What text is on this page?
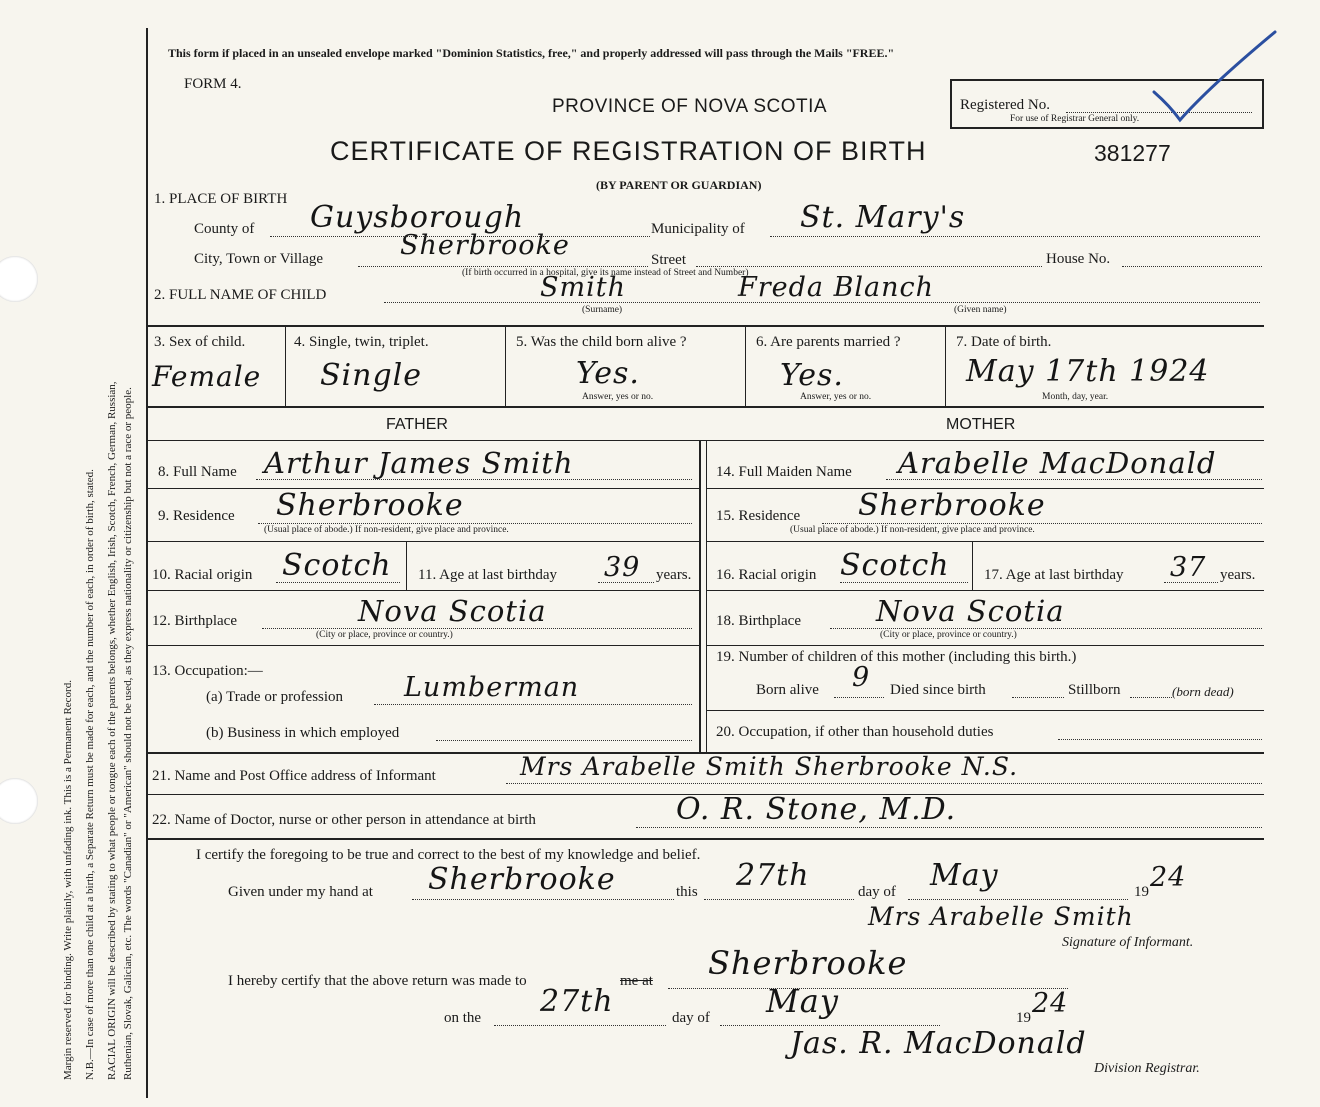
Margin reserved for binding. Write plainly, with unfading ink. This is a Permanent Record. N.B.—In case of more than one child at a birth, a Separate Return must be made for each, and the number of each, in order of birth, stated. RACIAL ORIGIN will be described by stating to what people or tongue each of the parents belongs, whether English, Irish, Scotch, French, German, Russian, Ruthenian, Slovak, Galician, etc. The words "Canadian" or "American" should not be used, as they express nationality or citizenship but not a race or people.
This form if placed in an unsealed envelope marked "Dominion Statistics, free," and properly addressed will pass through the Mails "FREE."
FORM 4.
PROVINCE OF NOVA SCOTIA
CERTIFICATE OF REGISTRATION OF BIRTH
(BY PARENT OR GUARDIAN)
Registered No.
For use of Registrar General only.
381277
1. PLACE OF BIRTH
County of Guysborough	Municipality of St. Mary's
City, Town or Village	Sherbrooke	Street	House No.
(If birth occurred in a hospital, give its name instead of Street and Number)
2. FULL NAME OF CHILD	Smith	Freda Blanch
(Surname)	(Given name)
3. Sex of child.
Female
4. Single, twin, triplet.
Single
5. Was the child born alive ?
Yes.
Answer, yes or no.
6. Are parents married ?
Yes.
Answer, yes or no.
7. Date of birth.
May 17th 1924
Month, day, year.
FATHER	MOTHER
8. Full Name Arthur James Smith
9. Residence Sherbrooke
(Usual place of abode.) If non-resident, give place and province.
10. Racial origin Scotch 11. Age at last birthday 39 years.
12. Birthplace	Nova Scotia
(City or place, province or country.)
13. Occupation:—
(a) Trade or profession Lumberman
(b) Business in which employed
14. Full Maiden Name Arabelle MacDonald
15. Residence Sherbrooke
(Usual place of abode.) If non-resident, give place and province.
16. Racial origin Scotch 17. Age at last birthday 37 years.
18. Birthplace	Nova Scotia
(City or place, province or country.)
19. Number of children of this mother (including this birth.)
Born alive 9 Died since birth	Stillborn	(born dead)
20. Occupation, if other than household duties
21. Name and Post Office address of Informant	Mrs Arabelle Smith Sherbrooke N.S.
22. Name of Doctor, nurse or other person in attendance at birth	O. R. Stone, M.D.
I certify the foregoing to be true and correct to the best of my knowledge and belief.
Given under my hand at Sherbrooke	this 27th	day of May	19 24
Mrs Arabelle Smith
Signature of Informant.
I hereby certify that the above return was made to	me at Sherbrooke
on the 27th	day of May	19 24
Jas. R. MacDonald
Division Registrar.
